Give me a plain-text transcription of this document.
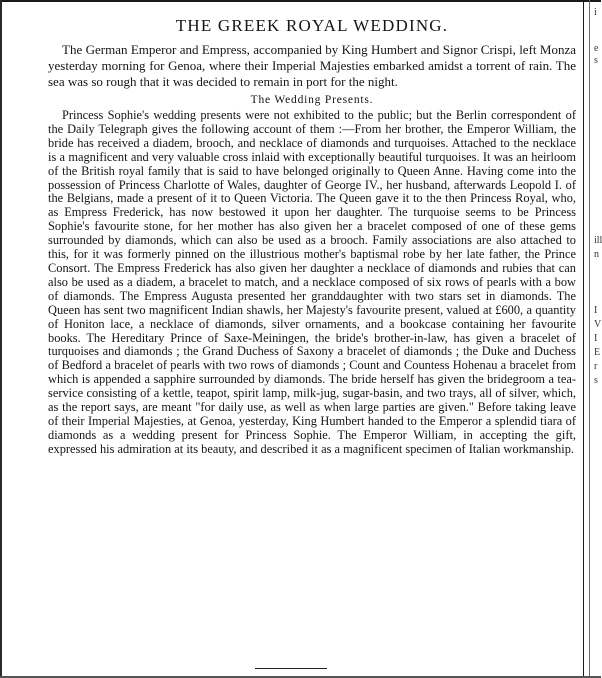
i
e
s
ill
n
I
V
I
E
r
s
THE GREEK ROYAL WEDDING.

The German Emperor and Empress, accompanied by King Humbert and Signor Crispi, left Monza yesterday morning for Genoa, where their Imperial Majesties embarked amidst a torrent of rain. The sea was so rough that it was decided to remain in port for the night.

The Wedding Presents.

Princess Sophie's wedding presents were not exhibited to the public; but the Berlin correspondent of the Daily Telegraph gives the following account of them :—From her brother, the Emperor William, the bride has received a diadem, brooch, and necklace of diamonds and turquoises. Attached to the necklace is a magnificent and very valuable cross inlaid with exceptionally beautiful turquoises. It was an heirloom of the British royal family that is said to have belonged originally to Queen Anne. Having come into the possession of Princess Charlotte of Wales, daughter of George IV., her husband, afterwards Leopold I. of the Belgians, made a present of it to Queen Victoria. The Queen gave it to the then Princess Royal, who, as Empress Frederick, has now bestowed it upon her daughter. The turquoise seems to be Princess Sophie's favourite stone, for her mother has also given her a bracelet composed of one of these gems surrounded by diamonds, which can also be used as a brooch. Family associations are also attached to this, for it was formerly pinned on the illustrious mother's baptismal robe by her late father, the Prince Consort. The Empress Frederick has also given her daughter a necklace of diamonds and rubies that can also be used as a diadem, a bracelet to match, and a necklace composed of six rows of pearls with a bow of diamonds. The Empress Augusta presented her granddaughter with two stars set in diamonds. The Queen has sent two magnificent Indian shawls, her Majesty's favourite present, valued at £600, a quantity of Honiton lace, a necklace of diamonds, silver ornaments, and a bookcase containing her favourite books. The Hereditary Prince of Saxe-Meiningen, the bride's brother-in-law, has given a bracelet of turquoises and diamonds ; the Grand Duchess of Saxony a bracelet of diamonds ; the Duke and Duchess of Bedford a bracelet of pearls with two rows of diamonds ; Count and Countess Hohenau a bracelet from which is appended a sapphire surrounded by diamonds. The bride herself has given the bridegroom a tea-service consisting of a kettle, teapot, spirit lamp, milk-jug, sugar-basin, and two trays, all of silver, which, as the report says, are meant "for daily use, as well as when large parties are given." Before taking leave of their Imperial Majesties, at Genoa, yesterday, King Humbert handed to the Emperor a splendid tiara of diamonds as a wedding present for Princess Sophie. The Emperor William, in accepting the gift, expressed his admiration at its beauty, and described it as a magnificent specimen of Italian workmanship.
